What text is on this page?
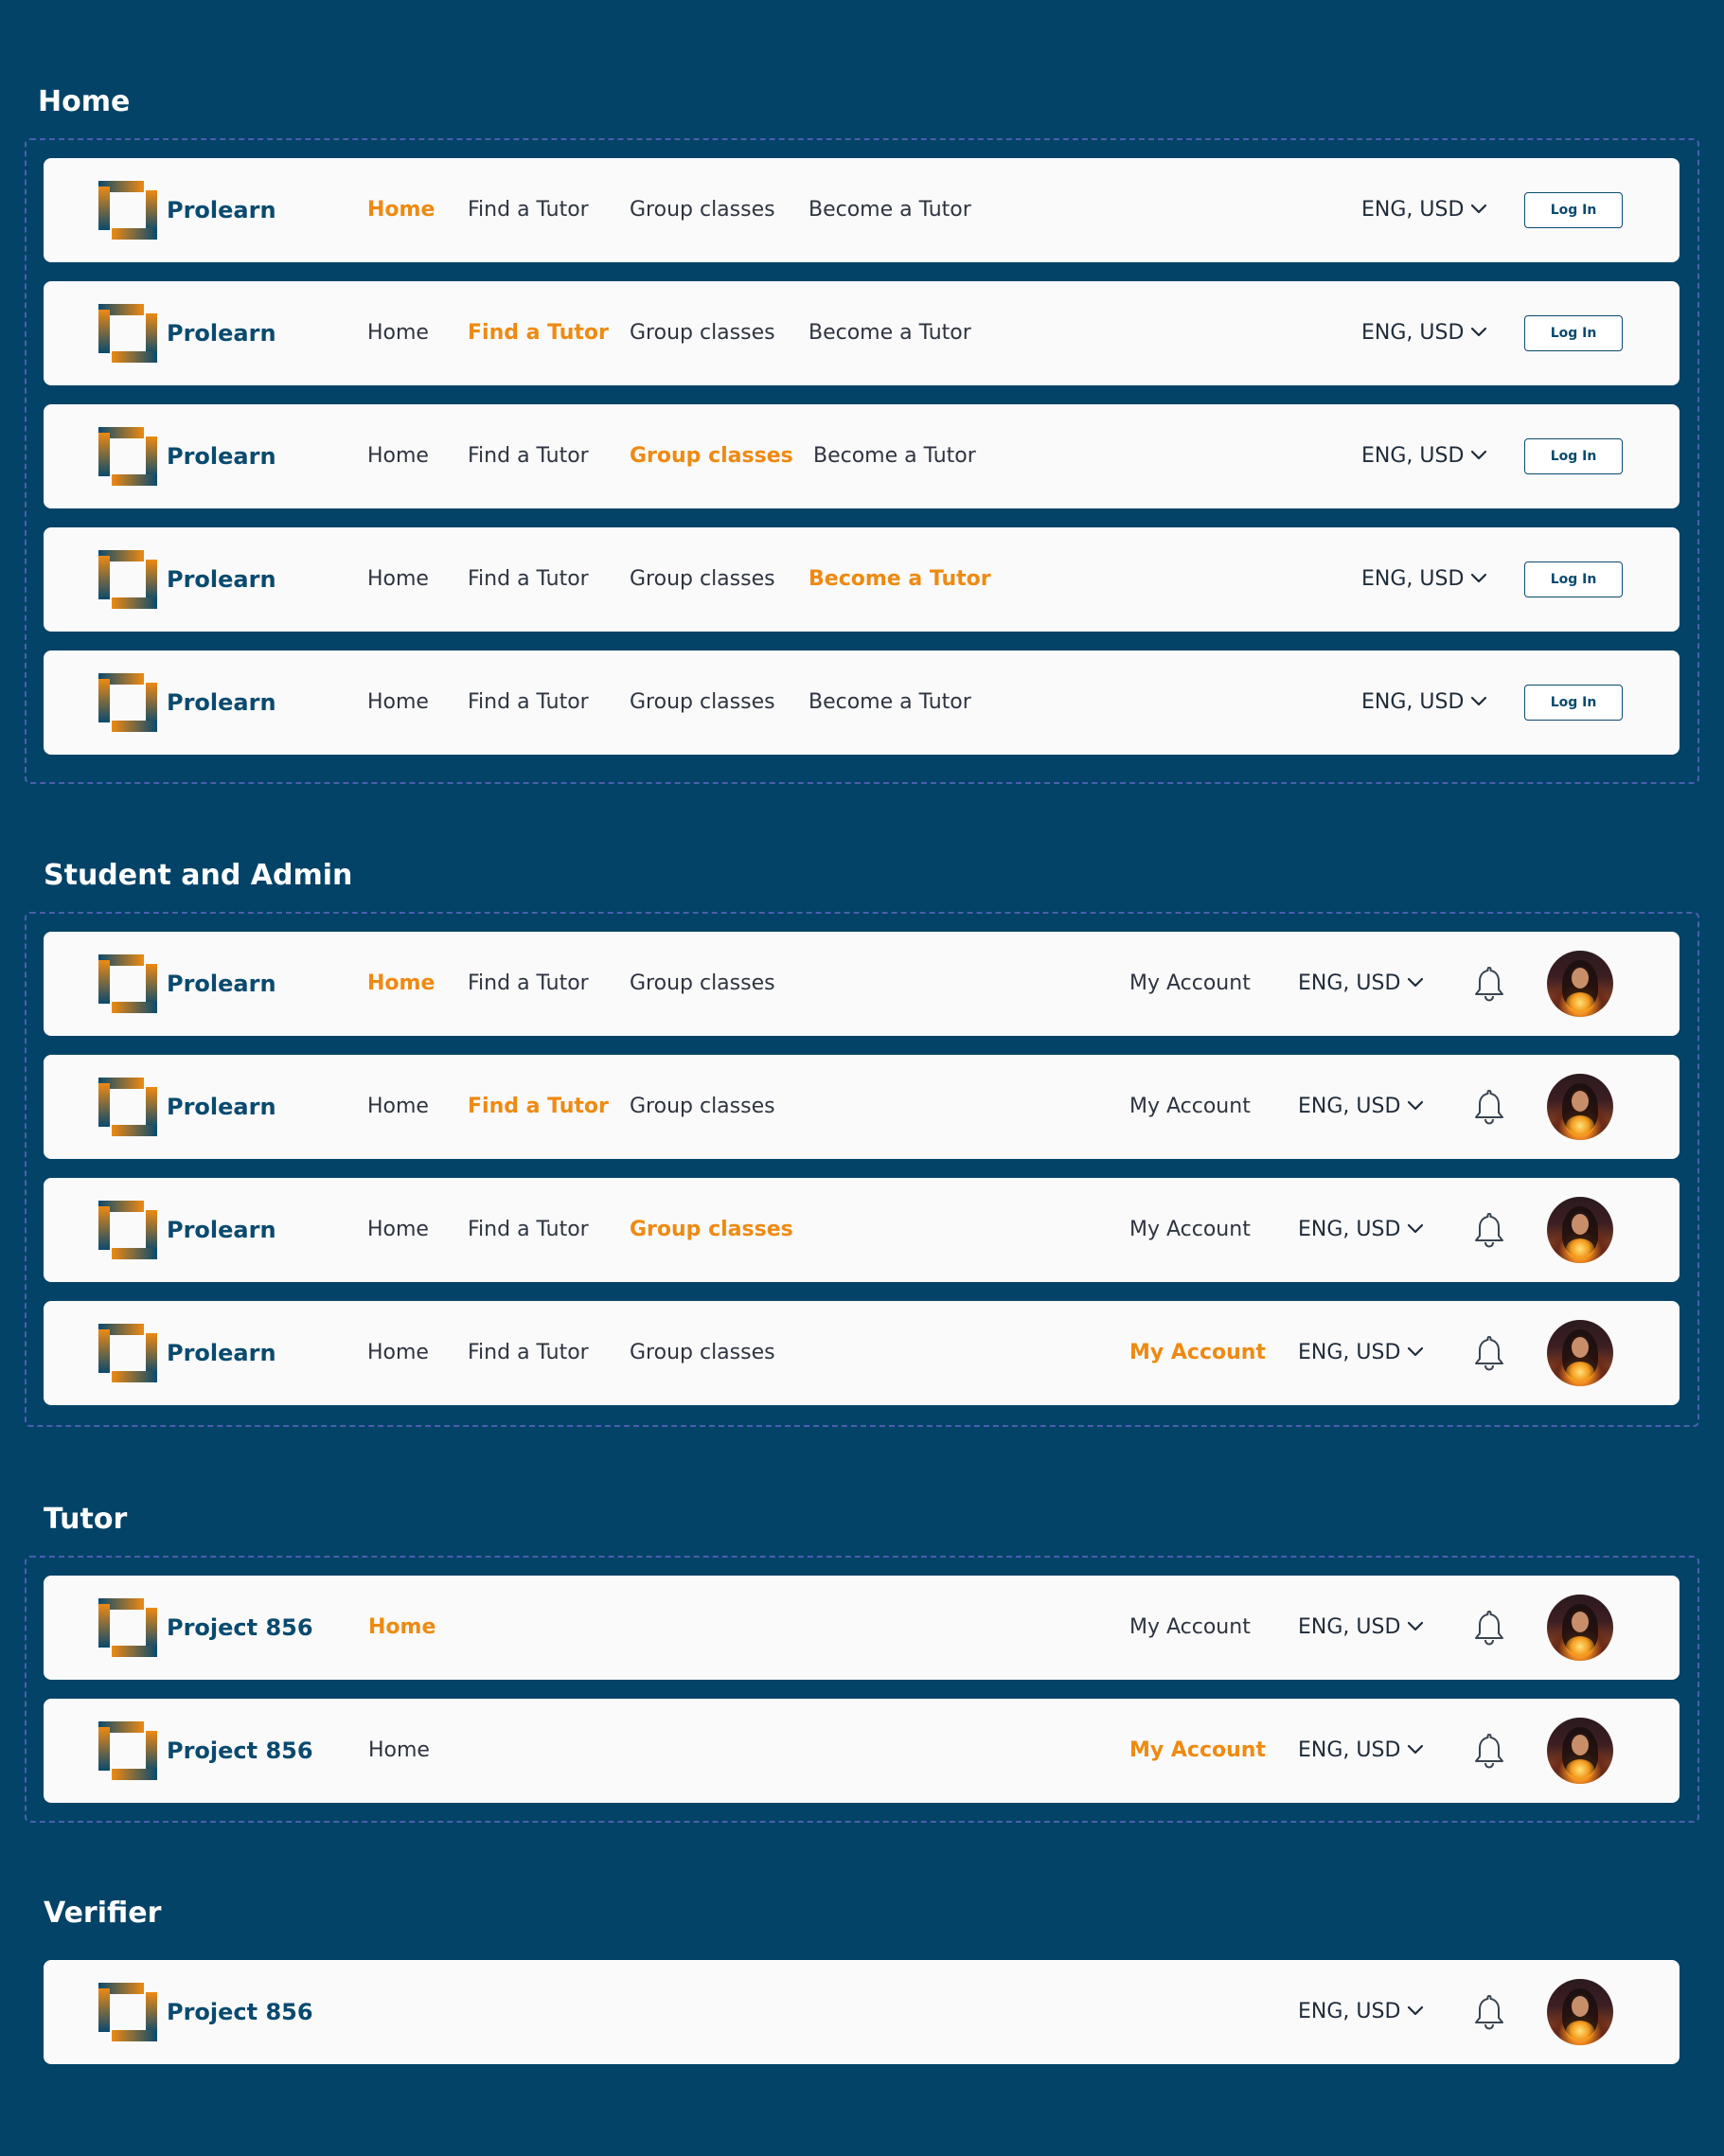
Home
Prolearn	Home Find a Tutor Group classes Become a Tutor	ENG, USD	Log In
Prolearn	Home Find a Tutor Group classes Become a Tutor	ENG, USD	Log In
Prolearn	Home Find a Tutor Group classes Become a Tutor	ENG, USD	Log In
Prolearn	Home Find a Tutor Group classes Become a Tutor	ENG, USD	Log In
Prolearn	Home Find a Tutor Group classes Become a Tutor	ENG, USD	Log In
Student and Admin
Prolearn	Home Find a Tutor Group classes	My Account ENG, USD
Prolearn	Home Find a Tutor Group classes	My Account ENG, USD
Prolearn	Home Find a Tutor Group classes	My Account ENG, USD
Prolearn	Home Find a Tutor Group classes	My Account ENG, USD
Tutor
Project 856	Home	My Account ENG, USD
Project 856	Home	My Account ENG, USD
Verifier
Project 856	ENG, USD
